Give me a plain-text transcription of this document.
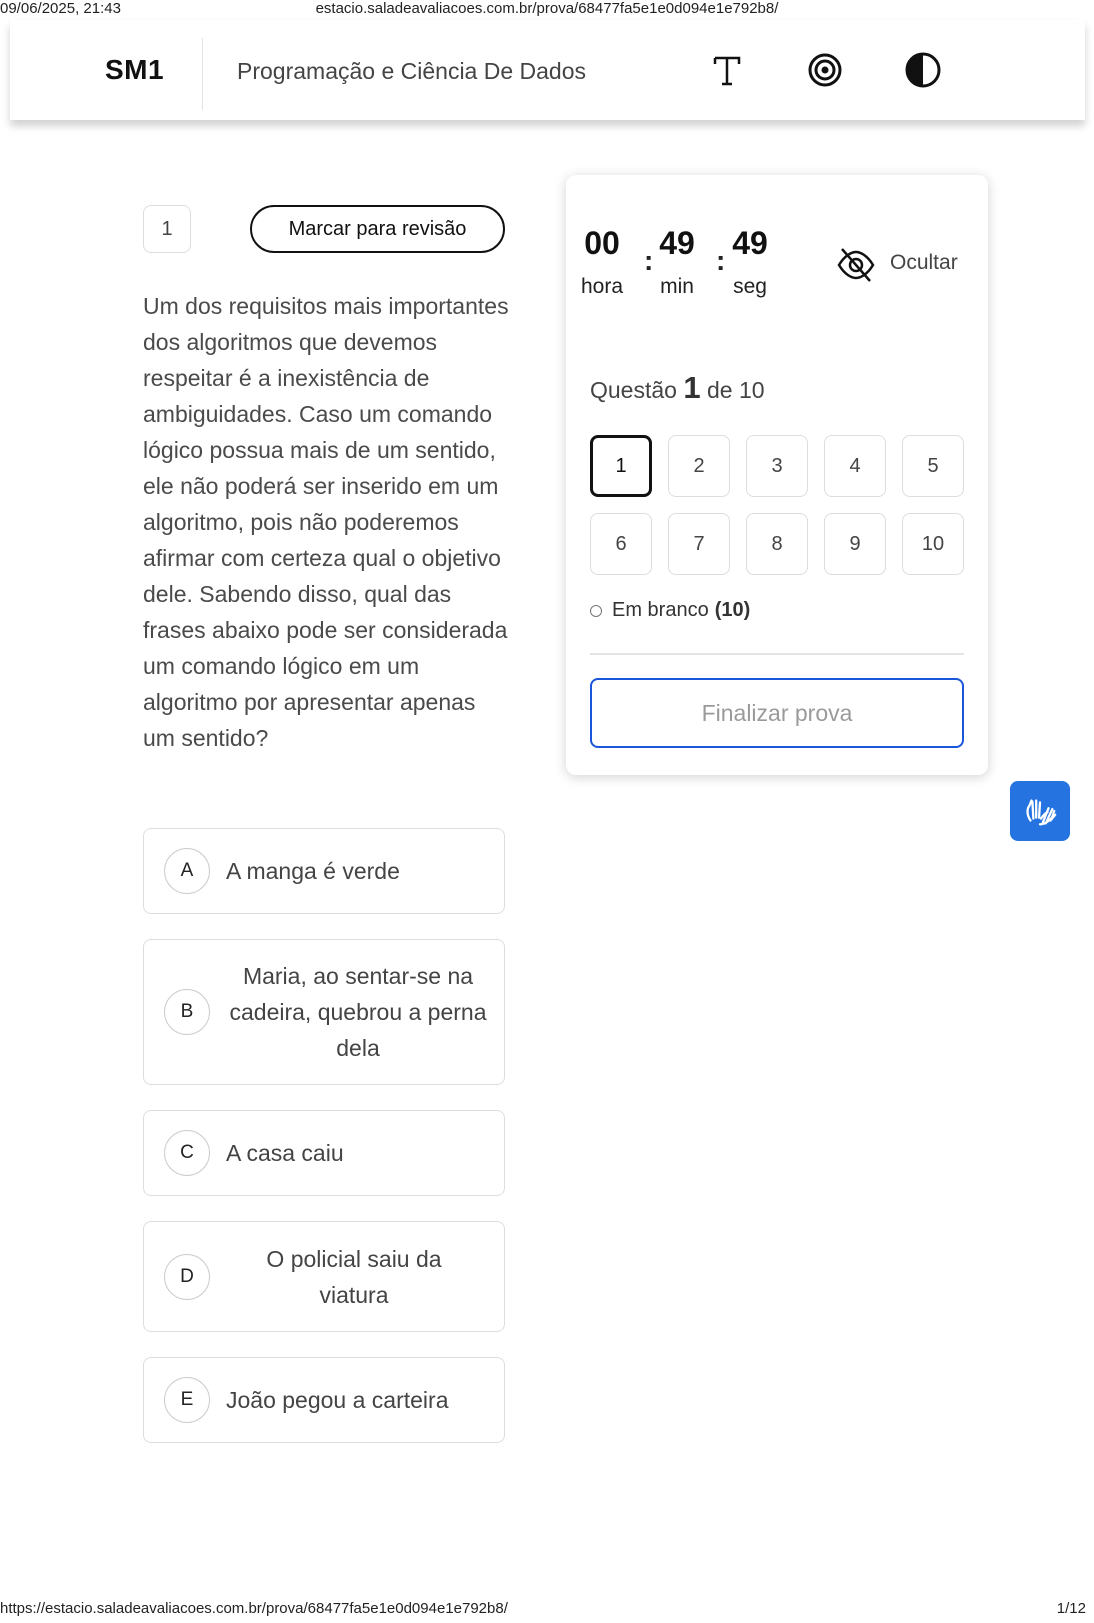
09/06/2025, 21:43	estacio.saladeavaliacoes.com.br/prova/68477fa5e1e0d094e1e792b8/
SM1	Programação e Ciência De Dados
1	Marcar para revisão
Um dos requisitos mais importantes dos algoritmos que devemos respeitar é a inexistência de ambiguidades. Caso um comando lógico possua mais de um sentido, ele não poderá ser inserido em um algoritmo, pois não poderemos afirmar com certeza qual o objetivo dele. Sabendo disso, qual das frases abaixo pode ser considerada um comando lógico em um algoritmo por apresentar apenas um sentido?
A	A manga é verde
B
Maria, ao sentar-se na cadeira, quebrou a perna dela
C	A casa caiu
D
O policial saiu da viatura
E	João pegou a carteira
00 : 49 : 49
hora	min	seg
Ocultar
Questão 1 de 10
1	2	3	4	5
6	7	8	9	10
Em branco (10)
Finalizar prova
https://estacio.saladeavaliacoes.com.br/prova/68477fa5e1e0d094e1e792b8/	1/12
